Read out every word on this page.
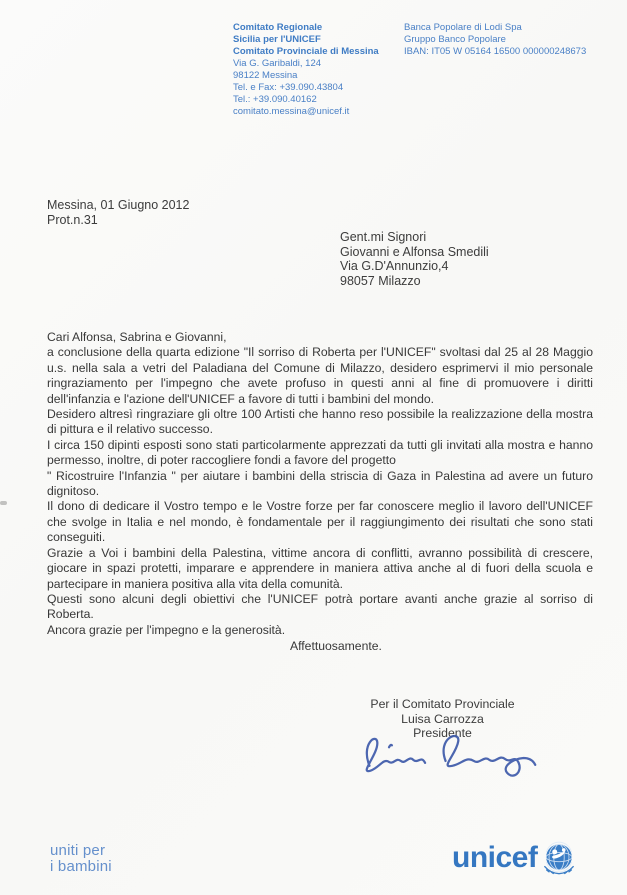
Comitato Regionale
Sicilia per l'UNICEF
Comitato Provinciale di Messina
Via G. Garibaldi, 124
98122 Messina
Tel. e Fax: +39.090.43804
Tel.: +39.090.40162
comitato.messina@unicef.it
Banca Popolare di Lodi Spa
Gruppo Banco Popolare
IBAN: IT05 W 05164 16500 000000248673
Messina, 01 Giugno 2012
Prot.n.31
Gent.mi Signori
Giovanni e Alfonsa Smedili
Via G.D'Annunzio,4
98057 Milazzo

Cari Alfonsa, Sabrina e Giovanni,

a conclusione della quarta edizione "Il sorriso di Roberta per l'UNICEF" svoltasi dal 25 al 28 Maggio u.s. nella sala a vetri del Paladiana del Comune di Milazzo, desidero esprimervi il mio personale ringraziamento per l'impegno che avete profuso in questi anni al fine di promuovere i diritti dell'infanzia e l'azione dell'UNICEF a favore di tutti i bambini del mondo.

Desidero altresì ringraziare gli oltre 100 Artisti che hanno reso possibile la realizzazione della mostra di pittura e il relativo successo.

I circa 150 dipinti esposti sono stati particolarmente apprezzati da tutti gli invitati alla mostra e hanno permesso, inoltre, di poter raccogliere fondi a favore del progetto

" Ricostruire l'Infanzia " per aiutare i bambini della striscia di Gaza in Palestina ad avere un futuro dignitoso.

Il dono di dedicare il Vostro tempo e le Vostre forze per far conoscere meglio il lavoro dell'UNICEF che svolge in Italia e nel mondo, è fondamentale per il raggiungimento dei risultati che sono stati conseguiti.

Grazie a Voi i bambini della Palestina, vittime ancora di conflitti, avranno possibilità di crescere, giocare in spazi protetti, imparare e apprendere in maniera attiva anche al di fuori della scuola e partecipare in maniera positiva alla vita della comunità.

Questi sono alcuni degli obiettivi che l'UNICEF potrà portare avanti anche grazie al sorriso di Roberta.

Ancora grazie per l'impegno e la generosità.

Affettuosamente.
Per il Comitato Provinciale
Luisa Carrozza
Presidente
uniti per
i bambini	unicef
